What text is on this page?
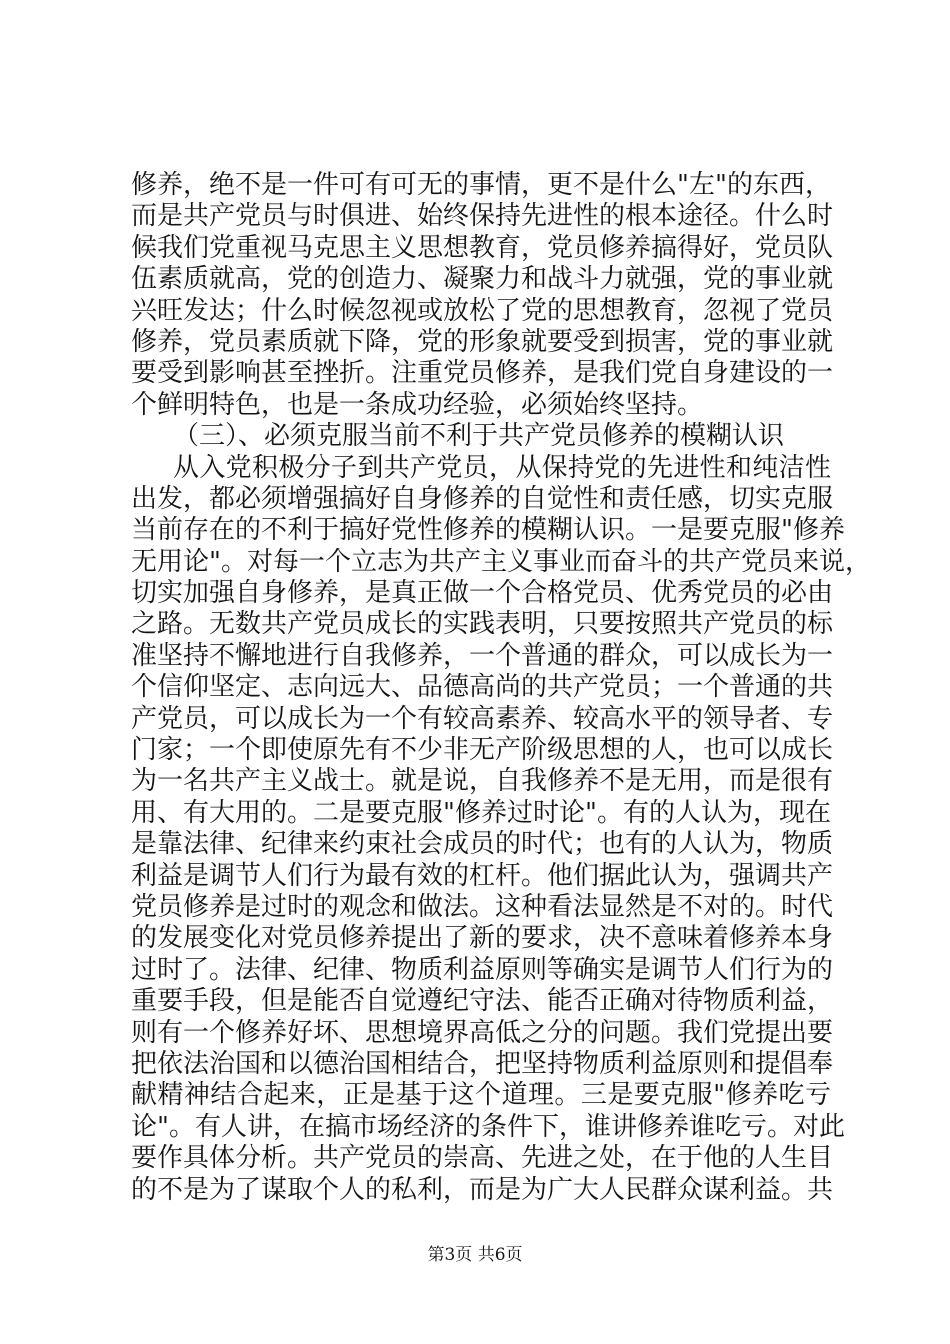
修养，绝不是一件可有可无的事情，更不是什么"左"的东西，
而是共产党员与时俱进、始终保持先进性的根本途径。什么时
候我们党重视马克思主义思想教育，党员修养搞得好，党员队
伍素质就高，党的创造力、凝聚力和战斗力就强，党的事业就
兴旺发达；什么时候忽视或放松了党的思想教育，忽视了党员
修养，党员素质就下降，党的形象就要受到损害，党的事业就
要受到影响甚至挫折。注重党员修养，是我们党自身建设的一
个鲜明特色，也是一条成功经验，必须始终坚持。
（三）、必须克服当前不利于共产党员修养的模糊认识
从入党积极分子到共产党员，从保持党的先进性和纯洁性
出发，都必须增强搞好自身修养的自觉性和责任感，切实克服
当前存在的不利于搞好党性修养的模糊认识。一是要克服"修养
无用论"。对每一个立志为共产主义事业而奋斗的共产党员来说，
切实加强自身修养，是真正做一个合格党员、优秀党员的必由
之路。无数共产党员成长的实践表明，只要按照共产党员的标
准坚持不懈地进行自我修养，一个普通的群众，可以成长为一
个信仰坚定、志向远大、品德高尚的共产党员；一个普通的共
产党员，可以成长为一个有较高素养、较高水平的领导者、专
门家；一个即使原先有不少非无产阶级思想的人，也可以成长
为一名共产主义战士。就是说，自我修养不是无用，而是很有
用、有大用的。二是要克服"修养过时论"。有的人认为，现在
是靠法律、纪律来约束社会成员的时代；也有的人认为，物质
利益是调节人们行为最有效的杠杆。他们据此认为，强调共产
党员修养是过时的观念和做法。这种看法显然是不对的。时代
的发展变化对党员修养提出了新的要求，决不意味着修养本身
过时了。法律、纪律、物质利益原则等确实是调节人们行为的
重要手段，但是能否自觉遵纪守法、能否正确对待物质利益，
则有一个修养好坏、思想境界高低之分的问题。我们党提出要
把依法治国和以德治国相结合，把坚持物质利益原则和提倡奉
献精神结合起来，正是基于这个道理。三是要克服"修养吃亏
论"。有人讲，在搞市场经济的条件下，谁讲修养谁吃亏。对此
要作具体分析。共产党员的崇高、先进之处，在于他的人生目
的不是为了谋取个人的私利，而是为广大人民群众谋利益。共
第3页 共6页
